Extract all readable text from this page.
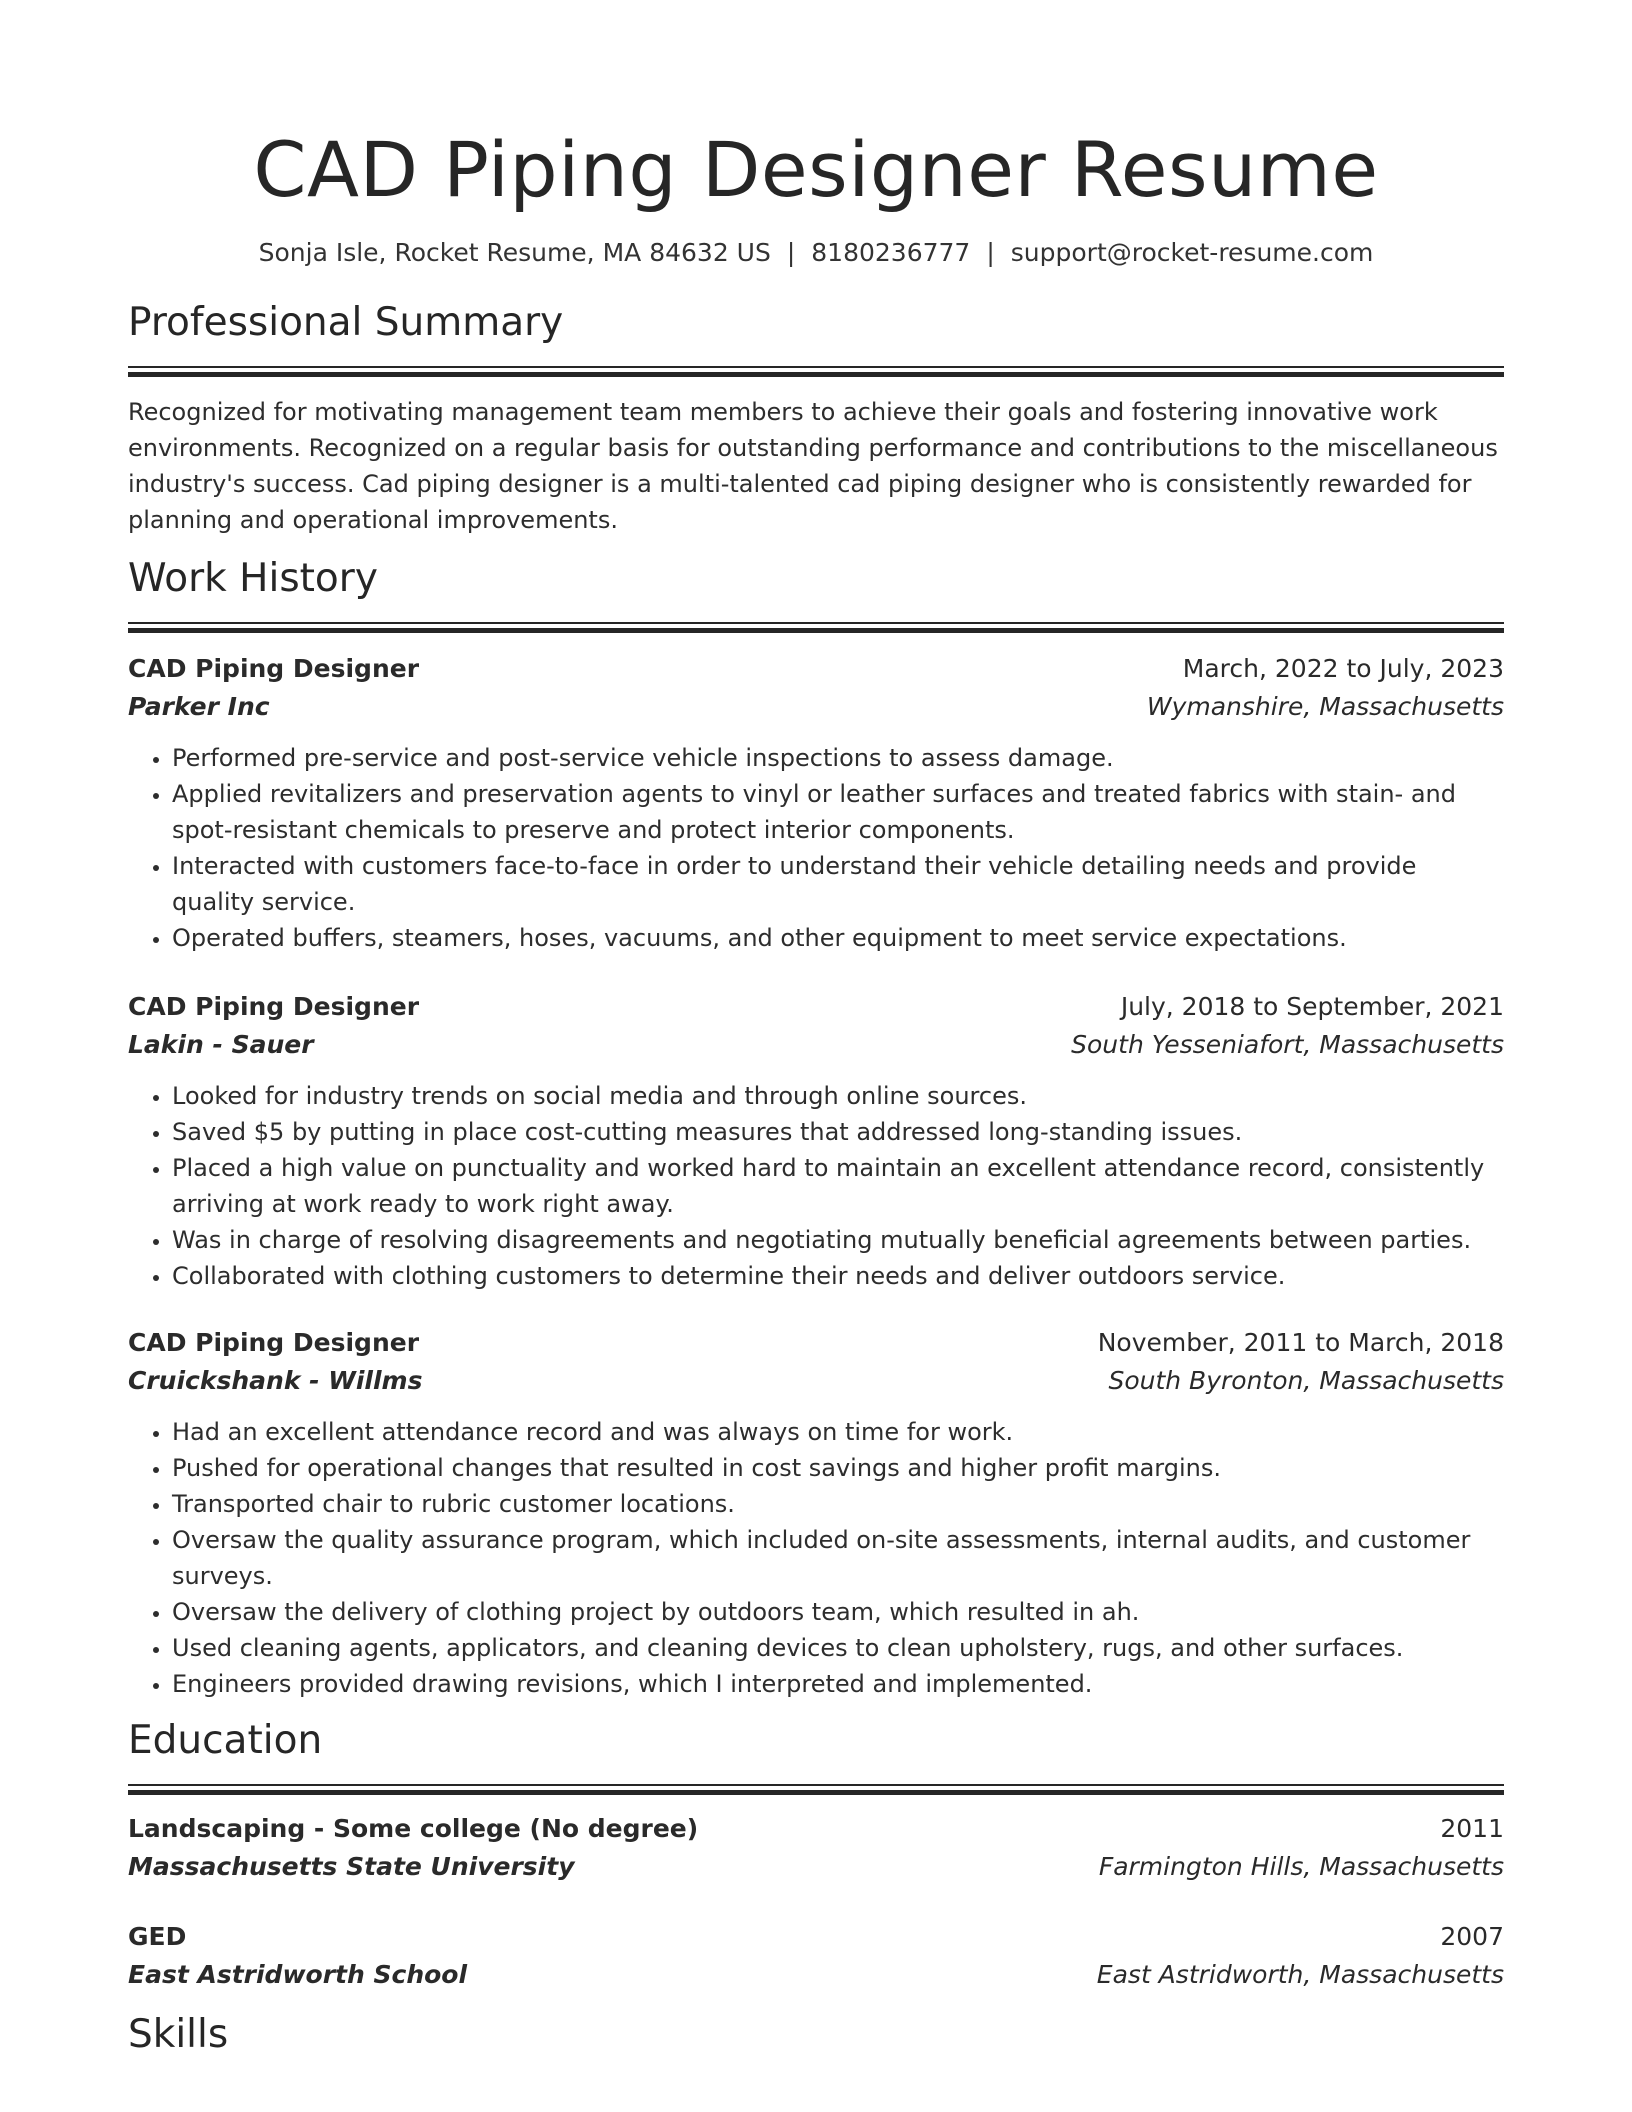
CAD Piping Designer Resume
Sonja Isle, Rocket Resume, MA 84632 US | 8180236777 | support@rocket-resume.com
Professional Summary
Recognized for motivating management team members to achieve their goals and fostering innovative work environments. Recognized on a regular basis for outstanding performance and contributions to the miscellaneous industry's success. Cad piping designer is a multi-talented cad piping designer who is consistently rewarded for planning and operational improvements.
Work History
CAD Piping Designer	March, 2022 to July, 2023
Parker Inc	Wymanshire, Massachusetts
• Performed pre-service and post-service vehicle inspections to assess damage.
• Applied revitalizers and preservation agents to vinyl or leather surfaces and treated fabrics with stain- and spot-resistant chemicals to preserve and protect interior components.
• Interacted with customers face-to-face in order to understand their vehicle detailing needs and provide quality service.
• Operated buffers, steamers, hoses, vacuums, and other equipment to meet service expectations.
CAD Piping Designer	July, 2018 to September, 2021
Lakin - Sauer	South Yesseniafort, Massachusetts
• Looked for industry trends on social media and through online sources.
• Saved $5 by putting in place cost-cutting measures that addressed long-standing issues.
• Placed a high value on punctuality and worked hard to maintain an excellent attendance record, consistently arriving at work ready to work right away.
• Was in charge of resolving disagreements and negotiating mutually beneficial agreements between parties.
• Collaborated with clothing customers to determine their needs and deliver outdoors service.
CAD Piping Designer	November, 2011 to March, 2018
Cruickshank - Willms	South Byronton, Massachusetts
• Had an excellent attendance record and was always on time for work.
• Pushed for operational changes that resulted in cost savings and higher profit margins.
• Transported chair to rubric customer locations.
• Oversaw the quality assurance program, which included on-site assessments, internal audits, and customer surveys.
• Oversaw the delivery of clothing project by outdoors team, which resulted in ah.
• Used cleaning agents, applicators, and cleaning devices to clean upholstery, rugs, and other surfaces.
• Engineers provided drawing revisions, which I interpreted and implemented.
Education
Landscaping - Some college (No degree)	2011
Massachusetts State University	Farmington Hills, Massachusetts
GED	2007
East Astridworth School	East Astridworth, Massachusetts
Skills
